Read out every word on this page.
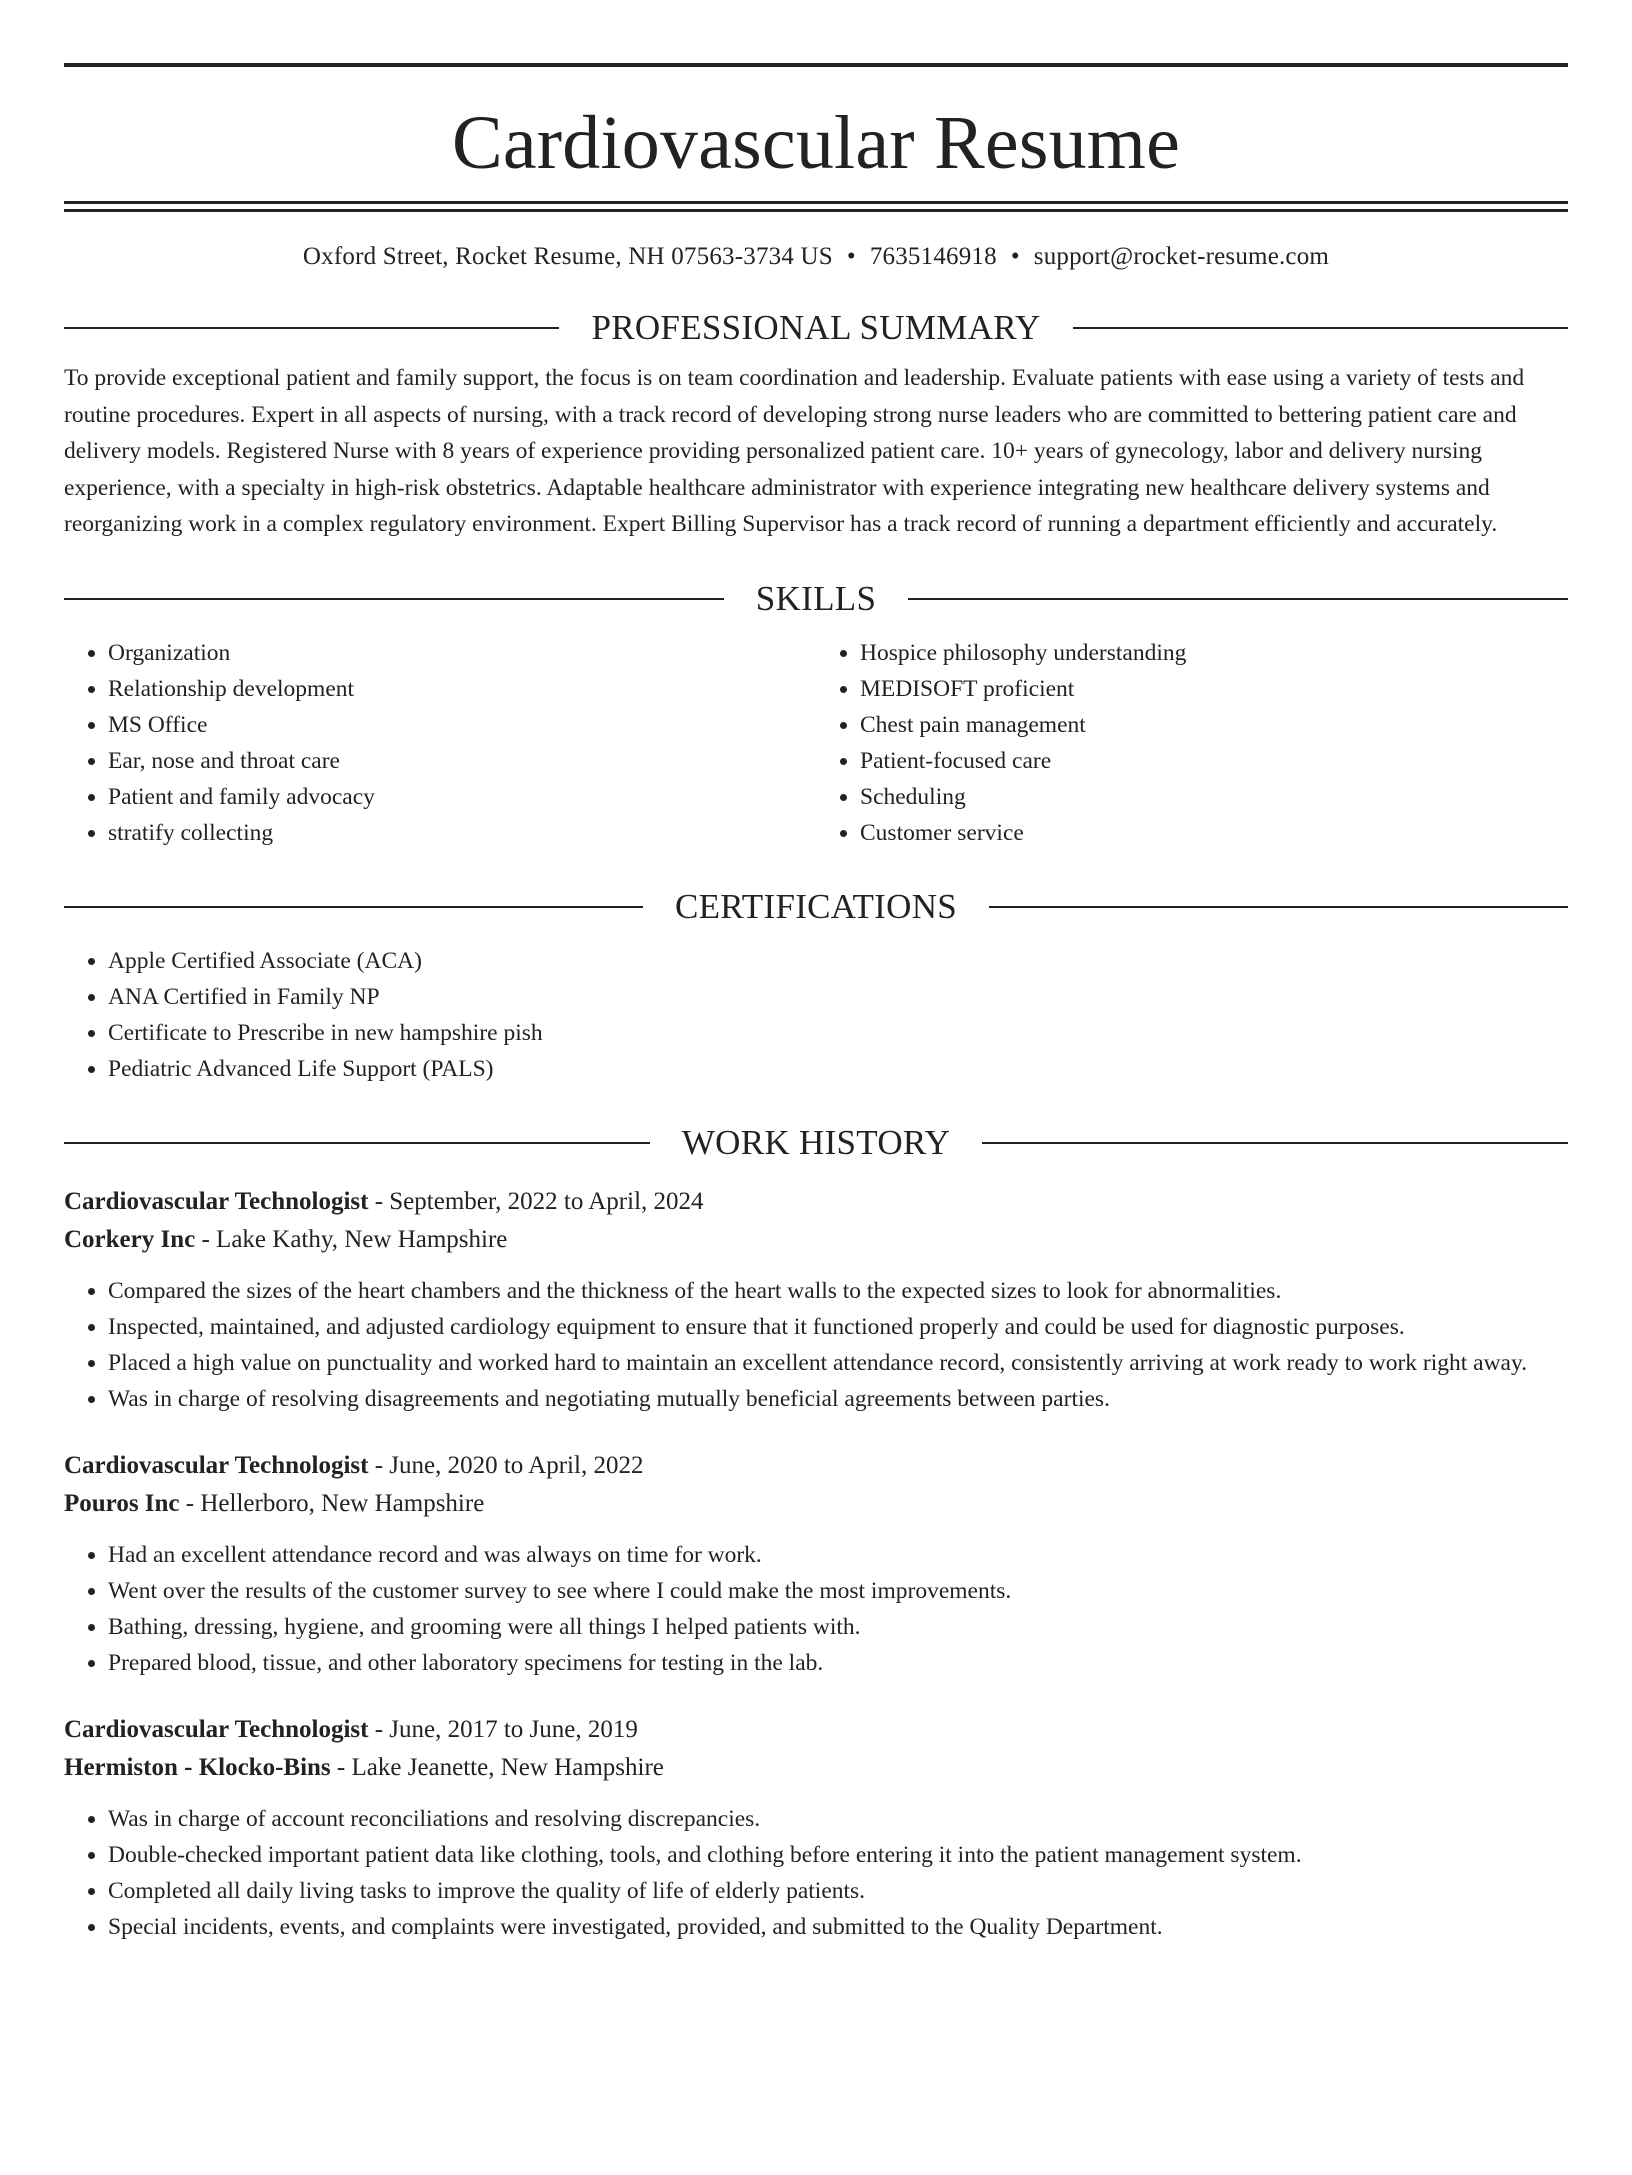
Cardiovascular Resume
Oxford Street, Rocket Resume, NH 07563-3734 US • 7635146918 • support@rocket-resume.com
PROFESSIONAL SUMMARY
To provide exceptional patient and family support, the focus is on team coordination and leadership. Evaluate patients with ease using a variety of tests and routine procedures. Expert in all aspects of nursing, with a track record of developing strong nurse leaders who are committed to bettering patient care and delivery models. Registered Nurse with 8 years of experience providing personalized patient care. 10+ years of gynecology, labor and delivery nursing experience, with a specialty in high-risk obstetrics. Adaptable healthcare administrator with experience integrating new healthcare delivery systems and reorganizing work in a complex regulatory environment. Expert Billing Supervisor has a track record of running a department efficiently and accurately.
SKILLS
• Organization
• Relationship development
• MS Office
• Ear, nose and throat care
• Patient and family advocacy
• stratify collecting
• Hospice philosophy understanding
• MEDISOFT proficient
• Chest pain management
• Patient-focused care
• Scheduling
• Customer service
CERTIFICATIONS
• Apple Certified Associate (ACA)
• ANA Certified in Family NP
• Certificate to Prescribe in new hampshire pish
• Pediatric Advanced Life Support (PALS)
WORK HISTORY
Cardiovascular Technologist - September, 2022 to April, 2024
Corkery Inc - Lake Kathy, New Hampshire
• Compared the sizes of the heart chambers and the thickness of the heart walls to the expected sizes to look for abnormalities.
• Inspected, maintained, and adjusted cardiology equipment to ensure that it functioned properly and could be used for diagnostic purposes.
• Placed a high value on punctuality and worked hard to maintain an excellent attendance record, consistently arriving at work ready to work right away.
• Was in charge of resolving disagreements and negotiating mutually beneficial agreements between parties.
Cardiovascular Technologist - June, 2020 to April, 2022
Pouros Inc - Hellerboro, New Hampshire
• Had an excellent attendance record and was always on time for work.
• Went over the results of the customer survey to see where I could make the most improvements.
• Bathing, dressing, hygiene, and grooming were all things I helped patients with.
• Prepared blood, tissue, and other laboratory specimens for testing in the lab.
Cardiovascular Technologist - June, 2017 to June, 2019
Hermiston - Klocko-Bins - Lake Jeanette, New Hampshire
• Was in charge of account reconciliations and resolving discrepancies.
• Double-checked important patient data like clothing, tools, and clothing before entering it into the patient management system.
• Completed all daily living tasks to improve the quality of life of elderly patients.
• Special incidents, events, and complaints were investigated, provided, and submitted to the Quality Department.
